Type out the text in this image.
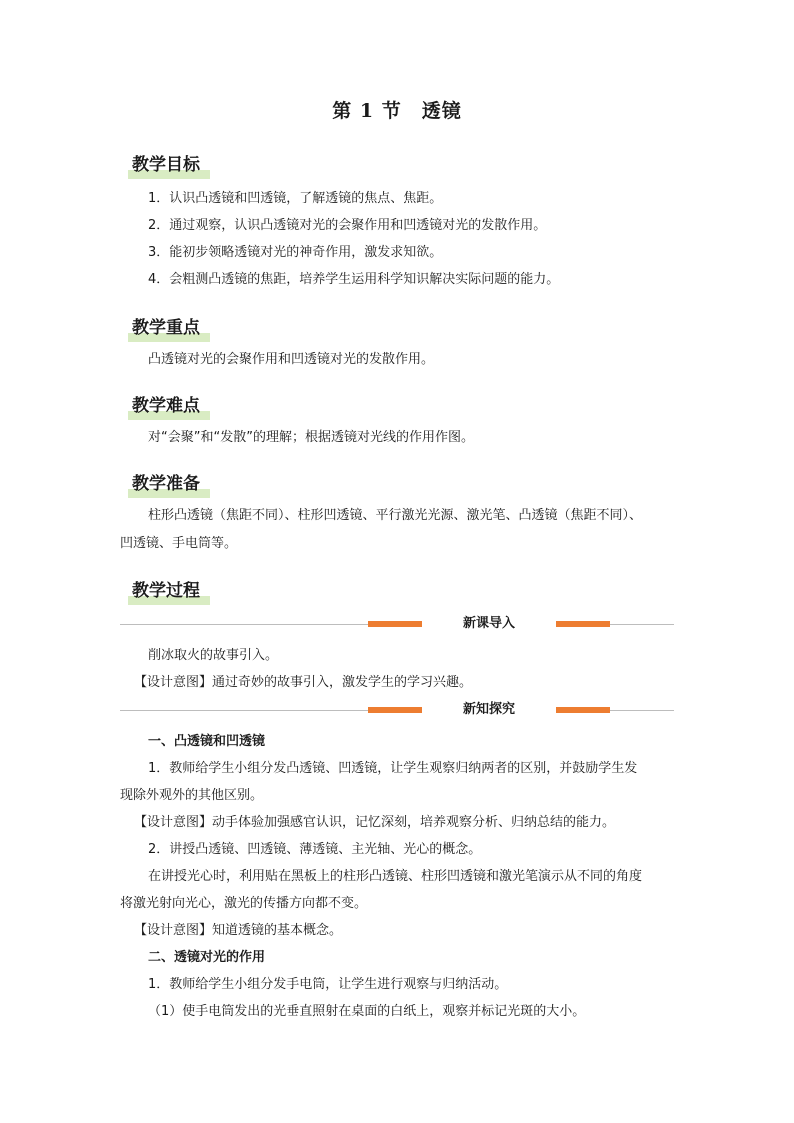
第 1 节　透镜
教学目标
1．认识凸透镜和凹透镜，了解透镜的焦点、焦距。
2．通过观察，认识凸透镜对光的会聚作用和凹透镜对光的发散作用。
3．能初步领略透镜对光的神奇作用，激发求知欲。
4．会粗测凸透镜的焦距，培养学生运用科学知识解决实际问题的能力。
教学重点
凸透镜对光的会聚作用和凹透镜对光的发散作用。
教学难点
对“会聚”和“发散”的理解；根据透镜对光线的作用作图。
教学准备
柱形凸透镜（焦距不同）、柱形凹透镜、平行激光光源、激光笔、凸透镜（焦距不同）、
凹透镜、手电筒等。
教学过程
新课导入
削冰取火的故事引入。
【设计意图】通过奇妙的故事引入，激发学生的学习兴趣。
新知探究
一、凸透镜和凹透镜
1．教师给学生小组分发凸透镜、凹透镜，让学生观察归纳两者的区别，并鼓励学生发
现除外观外的其他区别。
【设计意图】动手体验加强感官认识，记忆深刻，培养观察分析、归纳总结的能力。
2．讲授凸透镜、凹透镜、薄透镜、主光轴、光心的概念。
在讲授光心时，利用贴在黑板上的柱形凸透镜、柱形凹透镜和激光笔演示从不同的角度
将激光射向光心，激光的传播方向都不变。
【设计意图】知道透镜的基本概念。
二、透镜对光的作用
1．教师给学生小组分发手电筒，让学生进行观察与归纳活动。
（1）使手电筒发出的光垂直照射在桌面的白纸上，观察并标记光斑的大小。
